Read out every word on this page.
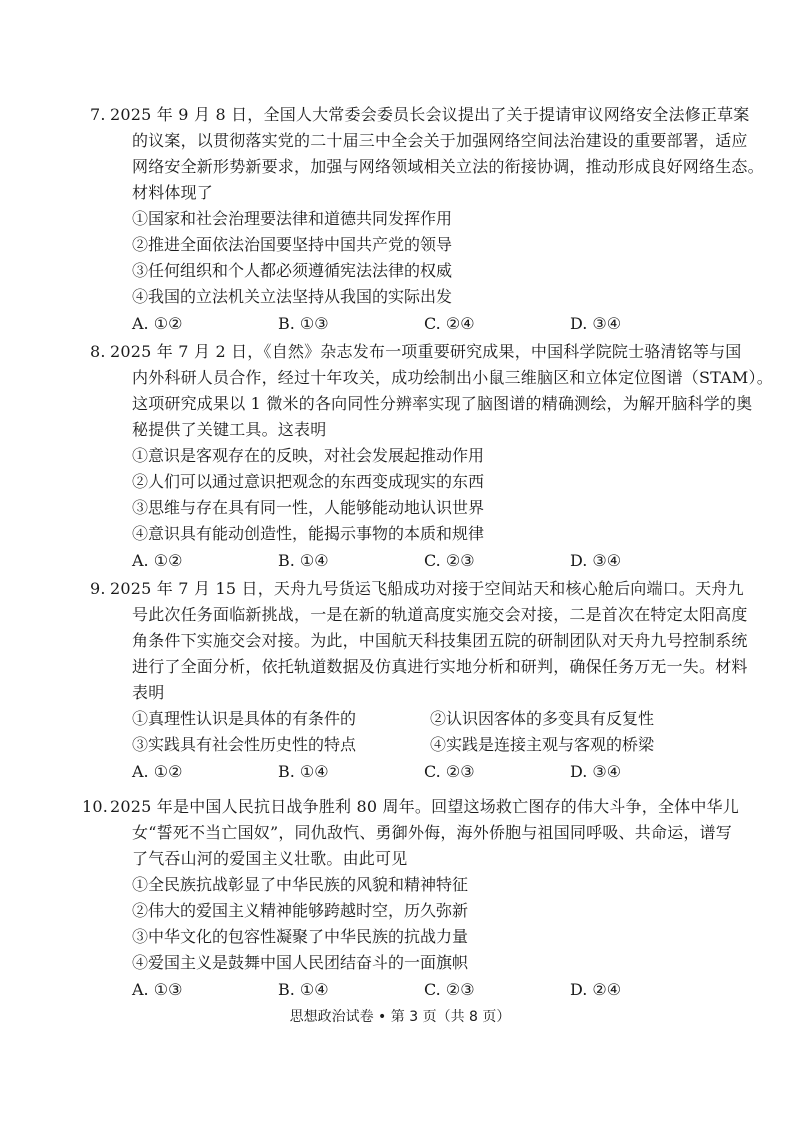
7. 2025 年 9 月 8 日，全国人大常委会委员长会议提出了关于提请审议网络安全法修正草案
的议案，以贯彻落实党的二十届三中全会关于加强网络空间法治建设的重要部署，适应
网络安全新形势新要求，加强与网络领域相关立法的衔接协调，推动形成良好网络生态。
材料体现了
①国家和社会治理要法律和道德共同发挥作用
②推进全面依法治国要坚持中国共产党的领导
③任何组织和个人都必须遵循宪法法律的权威
④我国的立法机关立法坚持从我国的实际出发
A. ①②	B. ①③	C. ②④	D. ③④
8. 2025 年 7 月 2 日，《自然》杂志发布一项重要研究成果，中国科学院院士骆清铭等与国
内外科研人员合作，经过十年攻关，成功绘制出小鼠三维脑区和立体定位图谱（STAM）。
这项研究成果以 1 微米的各向同性分辨率实现了脑图谱的精确测绘，为解开脑科学的奥
秘提供了关键工具。这表明
①意识是客观存在的反映，对社会发展起推动作用
②人们可以通过意识把观念的东西变成现实的东西
③思维与存在具有同一性，人能够能动地认识世界
④意识具有能动创造性，能揭示事物的本质和规律
A. ①②	B. ①④	C. ②③	D. ③④
9. 2025 年 7 月 15 日，天舟九号货运飞船成功对接于空间站天和核心舱后向端口。天舟九
号此次任务面临新挑战，一是在新的轨道高度实施交会对接，二是首次在特定太阳高度
角条件下实施交会对接。为此，中国航天科技集团五院的研制团队对天舟九号控制系统
进行了全面分析，依托轨道数据及仿真进行实地分析和研判，确保任务万无一失。材料
表明
①真理性认识是具体的有条件的	②认识因客体的多变具有反复性
③实践具有社会性历史性的特点	④实践是连接主观与客观的桥梁
A. ①②	B. ①④	C. ②③	D. ③④
10. 2025 年是中国人民抗日战争胜利 80 周年。回望这场救亡图存的伟大斗争，全体中华儿
女“誓死不当亡国奴”，同仇敌忾、勇御外侮，海外侨胞与祖国同呼吸、共命运，谱写
了气吞山河的爱国主义壮歌。由此可见
①全民族抗战彰显了中华民族的风貌和精神特征
②伟大的爱国主义精神能够跨越时空，历久弥新
③中华文化的包容性凝聚了中华民族的抗战力量
④爱国主义是鼓舞中国人民团结奋斗的一面旗帜
A. ①③	B. ①④	C. ②③	D. ②④
思想政治试卷 • 第 3 页（共 8 页）
